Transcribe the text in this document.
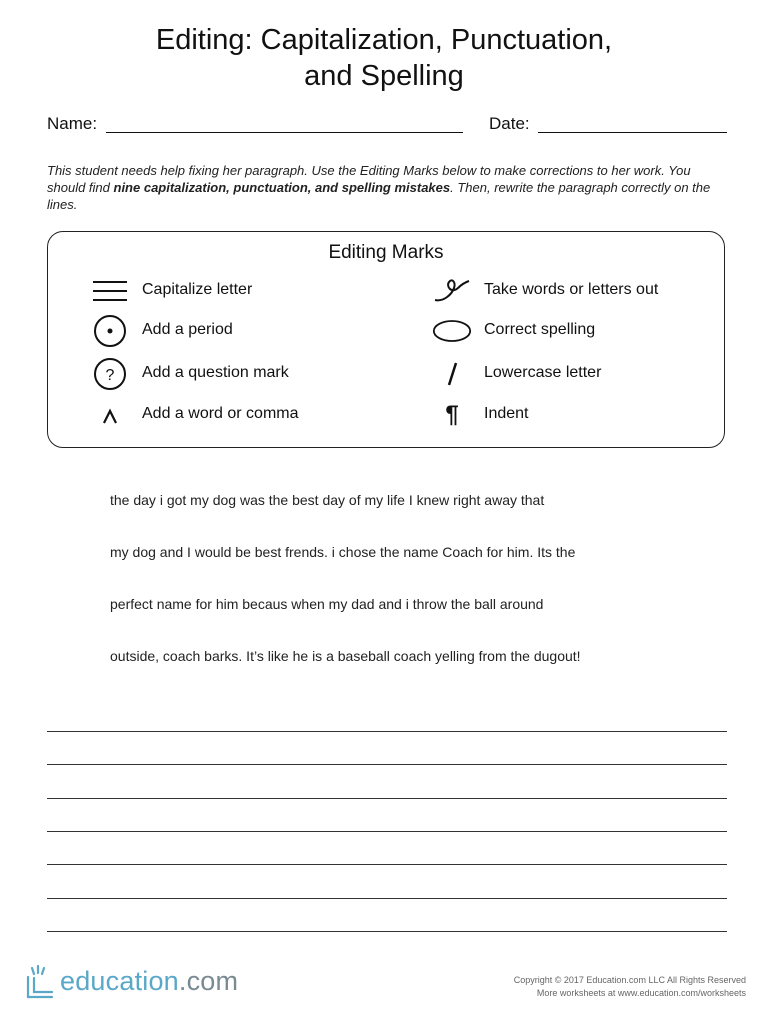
Editing: Capitalization, Punctuation,
and Spelling
Name:	Date:
This student needs help fixing her paragraph. Use the Editing Marks below to make corrections to her work. You should find nine capitalization, punctuation, and spelling mistakes. Then, rewrite the paragraph correctly on the lines.
Editing Marks
Capitalize letter
Add a period
? Add a question mark
Add a word or comma
Take words or letters out
Correct spelling
Lowercase letter
¶ Indent
the day i got my dog was the best day of my life I knew right away that
my dog and I would be best frends. i chose the name Coach for him. Its the
perfect name for him becaus when my dad and i throw the ball around
outside, coach barks. It’s like he is a baseball coach yelling from the dugout!
education.com	Copyright © 2017 Education.com LLC All Rights Reserved
More worksheets at www.education.com/worksheets
